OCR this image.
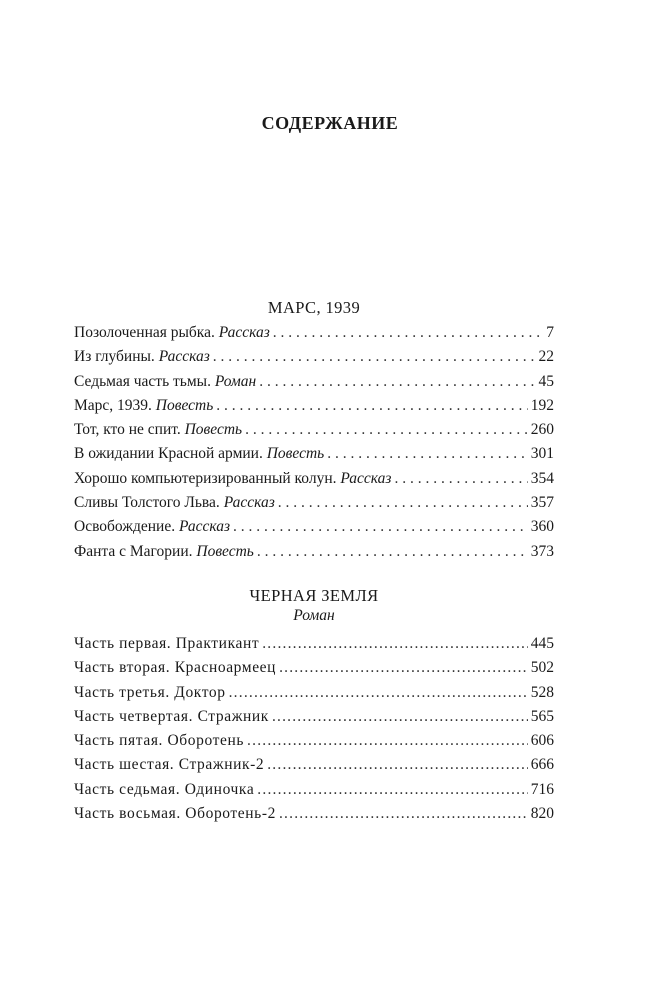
СОДЕРЖАНИЕ
МАРС, 1939
Позолоченная рыбка. Рассказ . . .	7
Из глубины. Рассказ . . .	22
Седьмая часть тьмы. Роман . . .	45
Марс, 1939. Повесть . . .	192
Тот, кто не спит. Повесть . . .	260
В ожидании Красной армии. Повесть . . .	301
Хорошо компьютеризированный колун. Рассказ . . .	354
Сливы Толстого Льва. Рассказ . . .	357
Освобождение. Рассказ . . .	360
Фанта с Магории. Повесть . . .	373
ЧЕРНАЯ ЗЕМЛЯ
Роман
Часть первая. Практикант .....	445
Часть вторая. Красноармеец .....	502
Часть третья. Доктор .....	528
Часть четвертая. Стражник .....	565
Часть пятая. Оборотень .....	606
Часть шестая. Стражник-2 .....	666
Часть седьмая. Одиночка .....	716
Часть восьмая. Оборотень-2 .....	820
